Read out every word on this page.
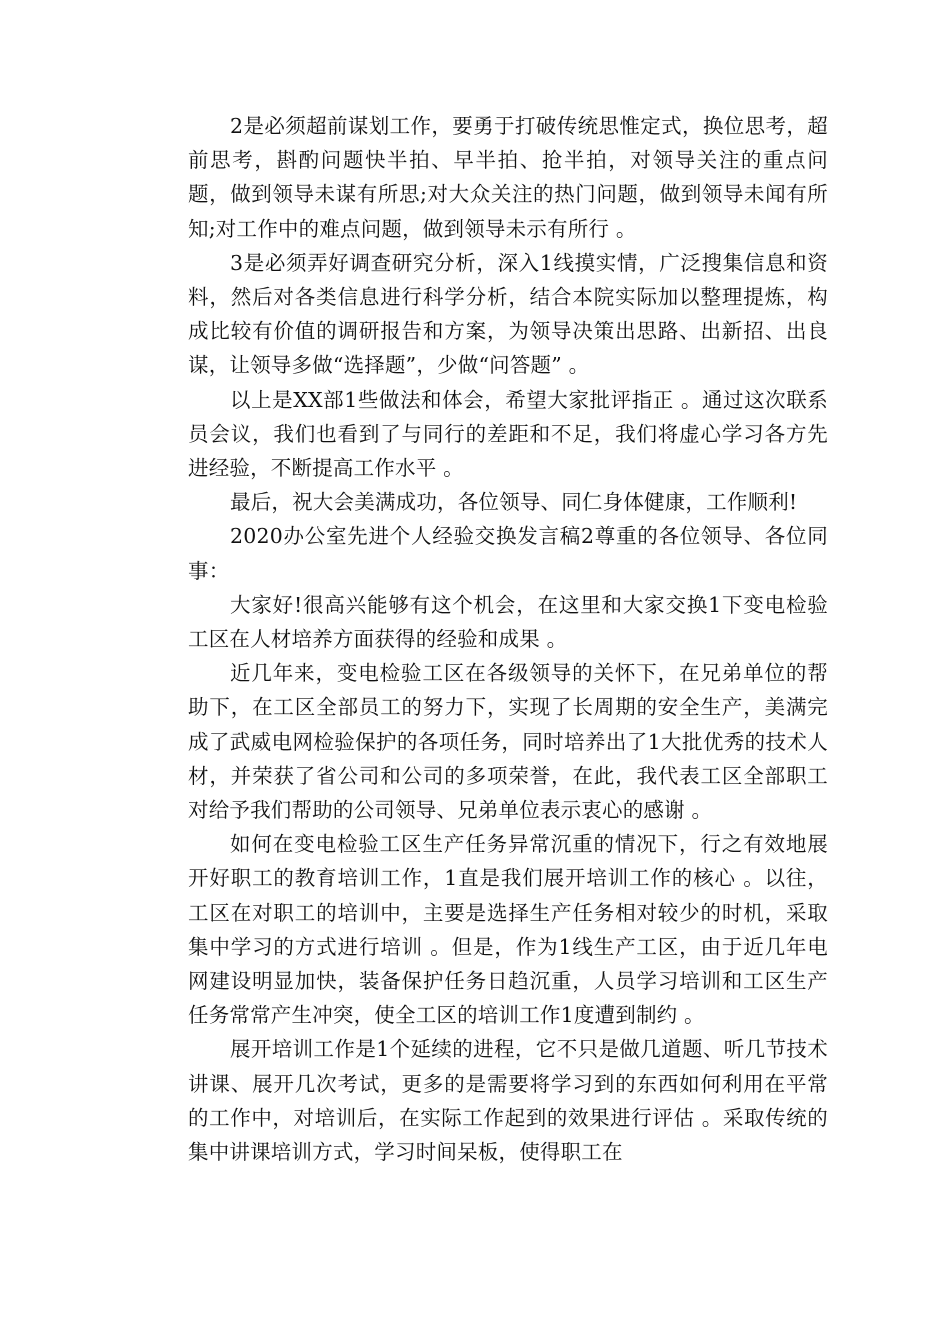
2是必须超前谋划工作，要勇于打破传统思惟定式，换位思考，超前思考，斟酌问题快半拍、早半拍、抢半拍，对领导关注的重点问题，做到领导未谋有所思;对大众关注的热门问题，做到领导未闻有所知;对工作中的难点问题，做到领导未示有所行 。

3是必须弄好调查研究分析，深入1线摸实情，广泛搜集信息和资料，然后对各类信息进行科学分析，结合本院实际加以整理提炼，构成比较有价值的调研报告和方案，为领导决策出思路、出新招、出良谋，让领导多做“选择题”，少做“问答题” 。

以上是XX部1些做法和体会，希望大家批评指正 。通过这次联系员会议，我们也看到了与同行的差距和不足，我们将虚心学习各方先进经验，不断提高工作水平 。

最后，祝大会美满成功，各位领导、同仁身体健康，工作顺利!

2020办公室先进个人经验交换发言稿2尊重的各位领导、各位同事：

大家好!很高兴能够有这个机会，在这里和大家交换1下变电检验工区在人材培养方面获得的经验和成果 。

近几年来，变电检验工区在各级领导的关怀下，在兄弟单位的帮助下，在工区全部员工的努力下，实现了长周期的安全生产，美满完成了武威电网检验保护的各项任务，同时培养出了1大批优秀的技术人材，并荣获了省公司和公司的多项荣誉，在此，我代表工区全部职工对给予我们帮助的公司领导、兄弟单位表示衷心的感谢 。

如何在变电检验工区生产任务异常沉重的情况下，行之有效地展开好职工的教育培训工作，1直是我们展开培训工作的核心 。以往，工区在对职工的培训中，主要是选择生产任务相对较少的时机，采取集中学习的方式进行培训 。但是，作为1线生产工区，由于近几年电网建设明显加快，装备保护任务日趋沉重，人员学习培训和工区生产任务常常产生冲突，使全工区的培训工作1度遭到制约 。

展开培训工作是1个延续的进程，它不只是做几道题、听几节技术讲课、展开几次考试，更多的是需要将学习到的东西如何利用在平常的工作中，对培训后，在实际工作起到的效果进行评估 。采取传统的集中讲课培训方式，学习时间呆板，使得职工在
